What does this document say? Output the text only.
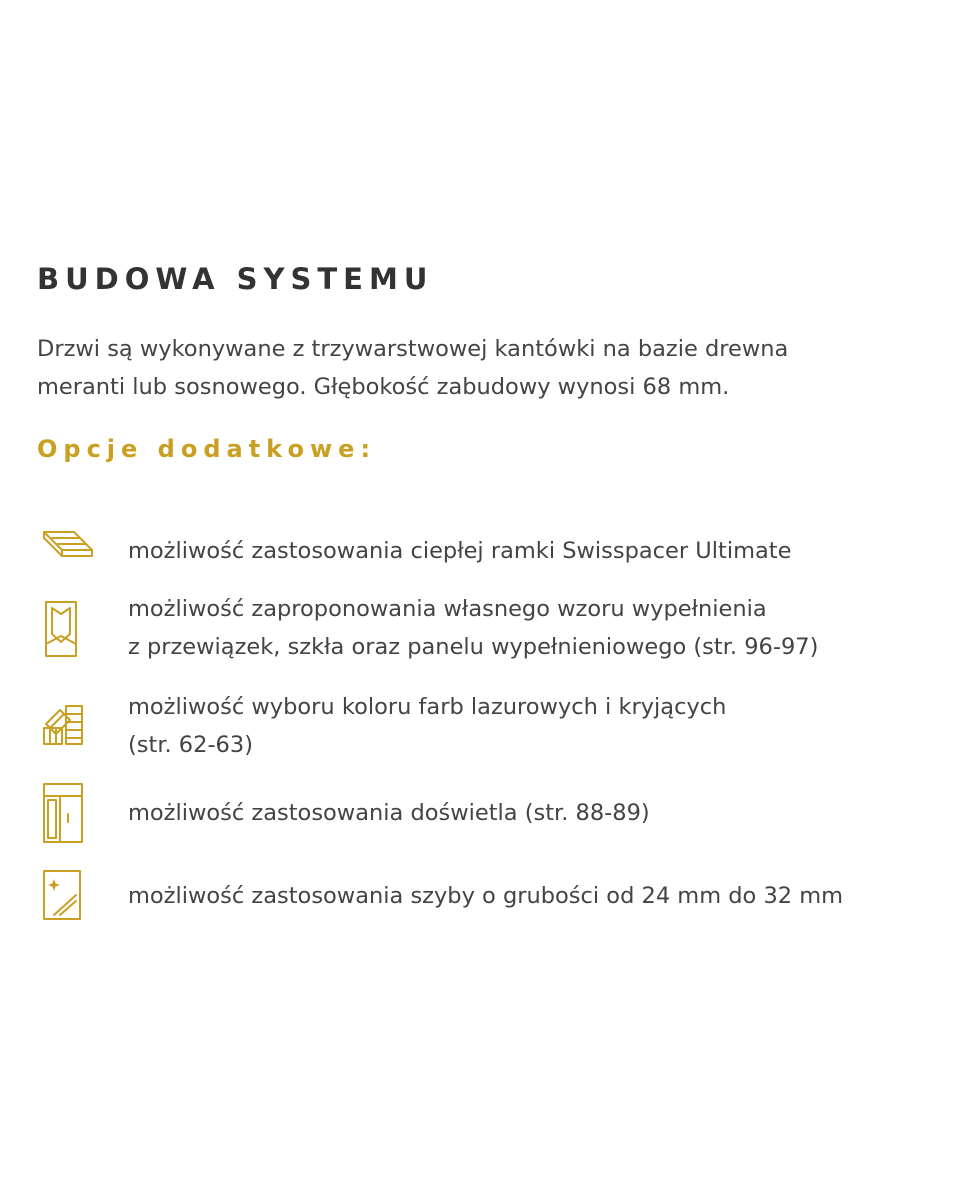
BUDOWA SYSTEMU

Drzwi są wykonywane z trzywarstwowej kantówki na bazie drewna
meranti lub sosnowego. Głębokość zabudowy wynosi 68 mm.

Opcje dodatkowe:
możliwość zastosowania ciepłej ramki Swisspacer Ultimate
możliwość zaproponowania własnego wzoru wypełnienia
z przewiązek, szkła oraz panelu wypełnieniowego (str. 96-97)
możliwość wyboru koloru farb lazurowych i kryjących
(str. 62-63)
możliwość zastosowania doświetla (str. 88-89)
możliwość zastosowania szyby o grubości od 24 mm do 32 mm
